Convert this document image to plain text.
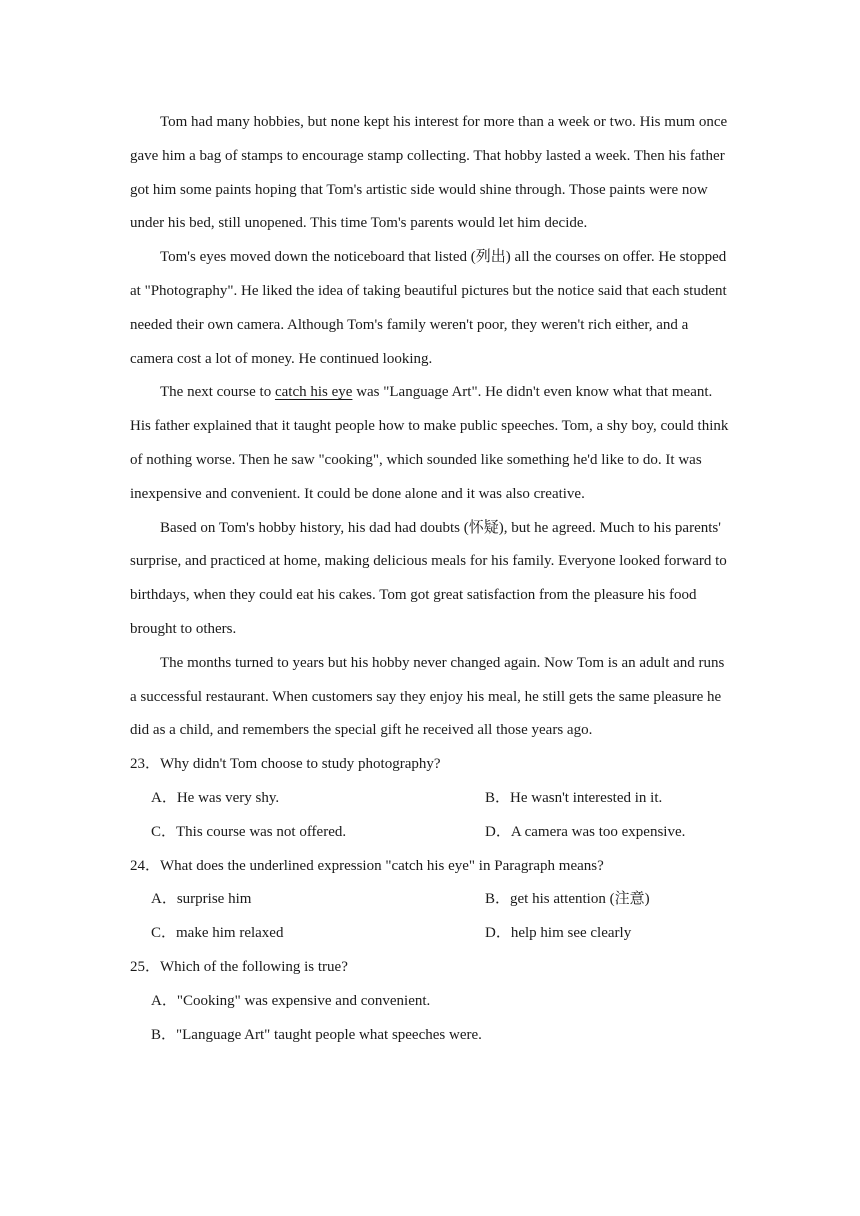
Tom had many hobbies, but none kept his interest for more than a week or two. His mum once gave him a bag of stamps to encourage stamp collecting. That hobby lasted a week. Then his father got him some paints hoping that Tom's artistic side would shine through. Those paints were now under his bed, still unopened. This time Tom's parents would let him decide.

Tom's eyes moved down the noticeboard that listed (列出) all the courses on offer. He stopped at "Photography". He liked the idea of taking beautiful pictures but the notice said that each student needed their own camera. Although Tom's family weren't poor, they weren't rich either, and a camera cost a lot of money. He continued looking.

The next course to catch his eye was "Language Art". He didn't even know what that meant. His father explained that it taught people how to make public speeches. Tom, a shy boy, could think of nothing worse. Then he saw "cooking", which sounded like something he'd like to do. It was inexpensive and convenient. It could be done alone and it was also creative.

Based on Tom's hobby history, his dad had doubts (怀疑), but he agreed. Much to his parents' surprise, and practiced at home, making delicious meals for his family. Everyone looked forward to birthdays, when they could eat his cakes. Tom got great satisfaction from the pleasure his food brought to others.

The months turned to years but his hobby never changed again. Now Tom is an adult and runs a successful restaurant. When customers say they enjoy his meal, he still gets the same pleasure he did as a child, and remembers the special gift he received all those years ago.

23．Why didn't Tom choose to study photography?

A．He was very shy.	B．He wasn't interested in it.
C．This course was not offered.	D．A camera was too expensive.

24．What does the underlined expression "catch his eye" in Paragraph means?

A．surprise him	B．get his attention (注意)
C．make him relaxed	D．help him see clearly

25．Which of the following is true?

A．"Cooking" was expensive and convenient.

B．"Language Art" taught people what speeches were.
